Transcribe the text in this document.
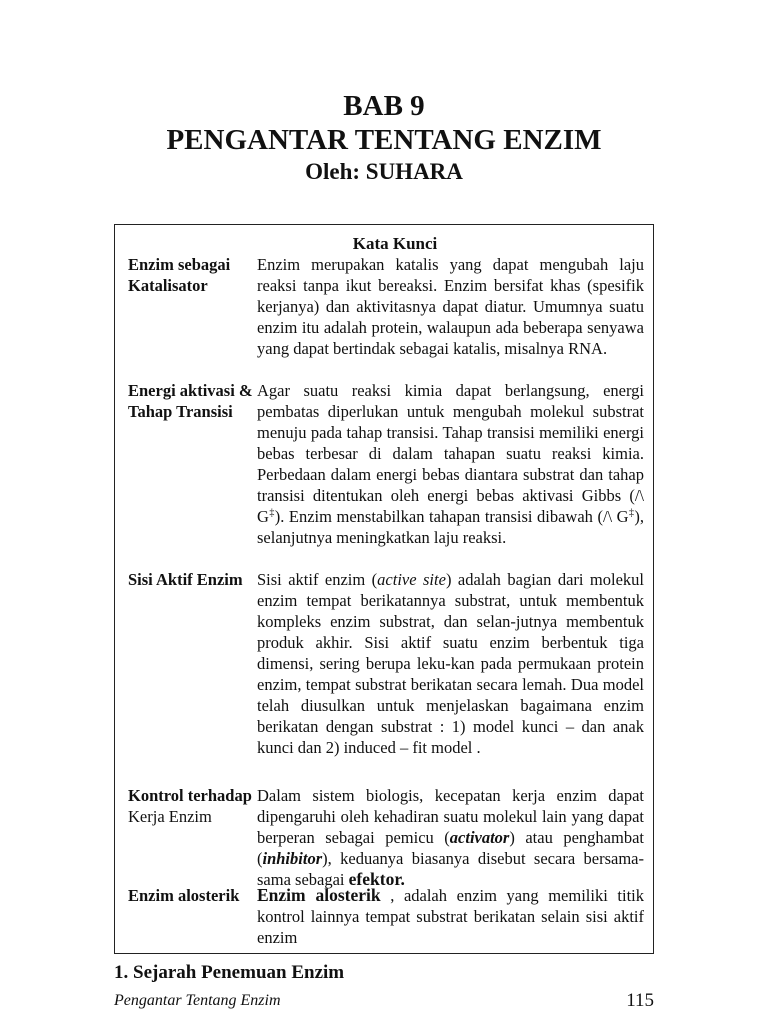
BAB 9
PENGANTAR TENTANG ENZIM
Oleh: SUHARA
Kata Kunci
Enzim sebagai
Katalisator
Enzim merupakan katalis yang dapat mengubah laju reaksi tanpa ikut bereaksi. Enzim bersifat khas (spesifik kerjanya) dan aktivitasnya dapat diatur. Umumnya suatu enzim itu adalah protein, walaupun ada beberapa senyawa yang dapat bertindak sebagai katalis, misalnya RNA.
Energi aktivasi &
Tahap Transisi
Agar suatu reaksi kimia dapat berlangsung, energi pembatas diperlukan untuk mengubah molekul substrat menuju pada tahap transisi. Tahap transisi memiliki energi bebas terbesar di dalam tahapan suatu reaksi kimia. Perbedaan dalam energi bebas diantara substrat dan tahap transisi ditentukan oleh energi bebas aktivasi Gibbs (/\ G‡). Enzim menstabilkan tahapan transisi dibawah (/\ G‡), selanjutnya meningkatkan laju reaksi.
Sisi Aktif Enzim Sisi aktif enzim (active site) adalah bagian dari molekul enzim tempat berikatannya substrat, untuk membentuk kompleks enzim substrat, dan selan-jutnya membentuk produk akhir. Sisi aktif suatu enzim berbentuk tiga dimensi, sering berupa leku-kan pada permukaan protein enzim, tempat substrat berikatan secara lemah. Dua model telah diusulkan untuk menjelaskan bagaimana enzim berikatan dengan substrat : 1) model kunci – dan anak kunci dan 2) induced – fit model .
Kontrol terhadap
Kerja Enzim
Dalam sistem biologis, kecepatan kerja enzim dapat dipengaruhi oleh kehadiran suatu molekul lain yang dapat berperan sebagai pemicu (activator) atau penghambat (inhibitor), keduanya biasanya disebut secara bersama-sama sebagai efektor.
Enzim alosterik	Enzim alosterik , adalah enzim yang memiliki titik kontrol lainnya tempat substrat berikatan selain sisi aktif enzim
1. Sejarah Penemuan Enzim
Pengantar Tentang Enzim	115
